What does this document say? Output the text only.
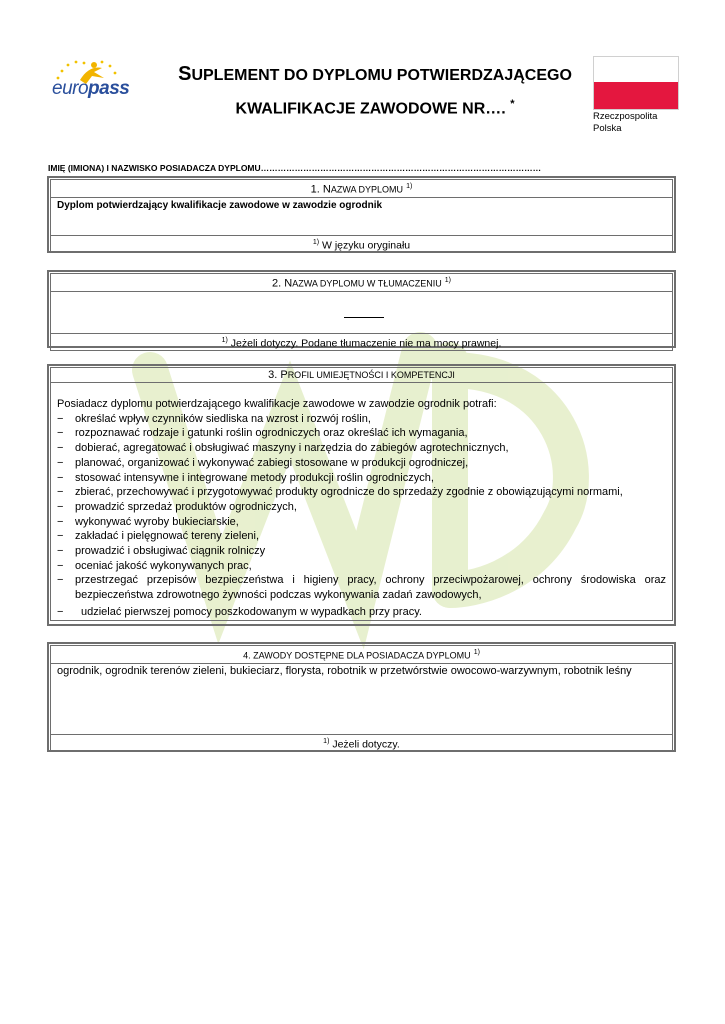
europass
SUPLEMENT DO DYPLOMU POTWIERDZAJĄCEGO
KWALIFIKACJE ZAWODOWE NR…. *
Rzeczpospolita
Polska
IMIĘ (IMIONA) I NAZWISKO POSIADACZA DYPLOMU………………………………………………………………………………………
1. NAZWA DYPLOMU $^{1)}$
Dyplom potwierdzający kwalifikacje zawodowe w zawodzie ogrodnik
$^{1)}$ W języku oryginału
2. NAZWA DYPLOMU W TŁUMACZENIU $^{1)}$
$^{1)}$ Jeżeli dotyczy. Podane tłumaczenie nie ma mocy prawnej.
3. PROFIL UMIEJĘTNOŚCI I KOMPETENCJI
Posiadacz dyplomu potwierdzającego kwalifikacje zawodowe w zawodzie ogrodnik potrafi:
− określać wpływ czynników siedliska na wzrost i rozwój roślin,
− rozpoznawać rodzaje i gatunki roślin ogrodniczych oraz określać ich wymagania,
− dobierać, agregatować i obsługiwać maszyny i narzędzia do zabiegów agrotechnicznych,
− planować, organizować i wykonywać zabiegi stosowane w produkcji ogrodniczej,
− stosować intensywne i integrowane metody produkcji roślin ogrodniczych,
− zbierać, przechowywać i przygotowywać produkty ogrodnicze do sprzedaży zgodnie z obowiązującymi normami,
− prowadzić sprzedaż produktów ogrodniczych,
− wykonywać wyroby bukieciarskie,
− zakładać i pielęgnować tereny zieleni,
− prowadzić i obsługiwać ciągnik rolniczy
− oceniać jakość wykonywanych prac,
− przestrzegać przepisów bezpieczeństwa i higieny pracy, ochrony przeciwpożarowej, ochrony środowiska oraz bezpieczeństwa zdrowotnego żywności podczas wykonywania zadań zawodowych,
− udzielać pierwszej pomocy poszkodowanym w wypadkach przy pracy.
4. ZAWODY DOSTĘPNE DLA POSIADACZA DYPLOMU $^{1)}$
ogrodnik, ogrodnik terenów zieleni, bukieciarz, florysta, robotnik w przetwórstwie owocowo-warzywnym, robotnik leśny
$^{1)}$ Jeżeli dotyczy.
